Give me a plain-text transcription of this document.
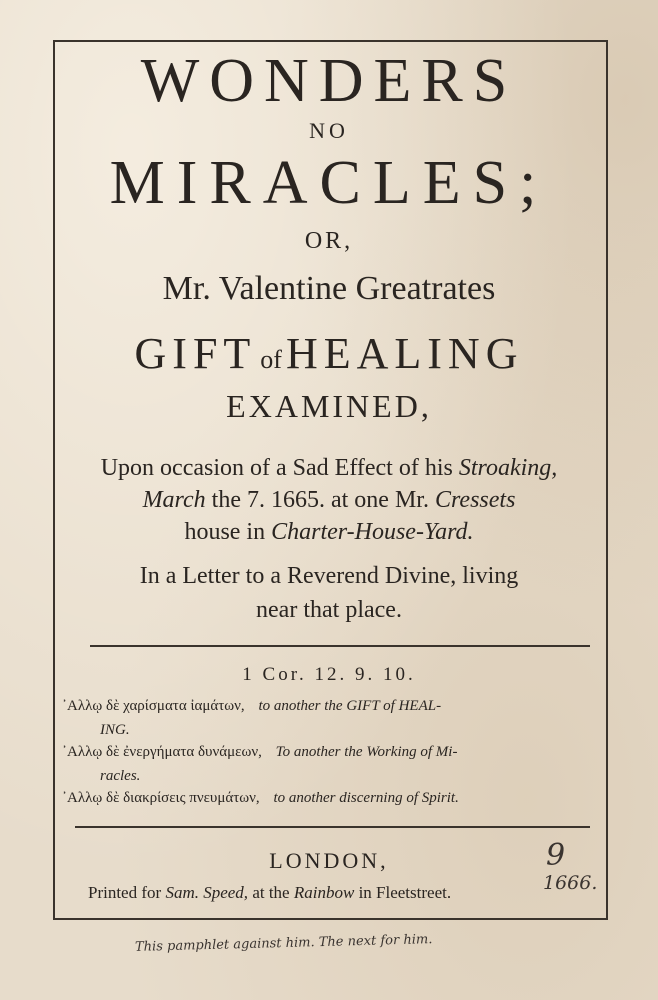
WONDERS
NO
MIRACLES;
OR,
Mr. Valentine Greatrates
GIFT of HEALING
EXAMINED,
Upon occasion of a Sad Effect of his Stroaking,
March the 7. 1665. at one Mr. Cressets
house in Charter-House-Yard.
In a Letter to a Reverend Divine, living
near that place.
1 Cor. 12. 9. 10.
᾽Αλλῳ δὲ χαρίσματα ἰαμάτων, to another the GIFT of HEAL-
ING.
᾽Αλλῳ δὲ ἐνεργήματα δυνάμεων, To another the Working of Mi-
racles.
᾽Αλλῳ δὲ διακρίσεις πνευμάτων, to another discerning of Spirit.
LONDON,
Printed for Sam. Speed, at the Rainbow in Fleetstreet.	1666.
9
This pamphlet against him. The next for him.
